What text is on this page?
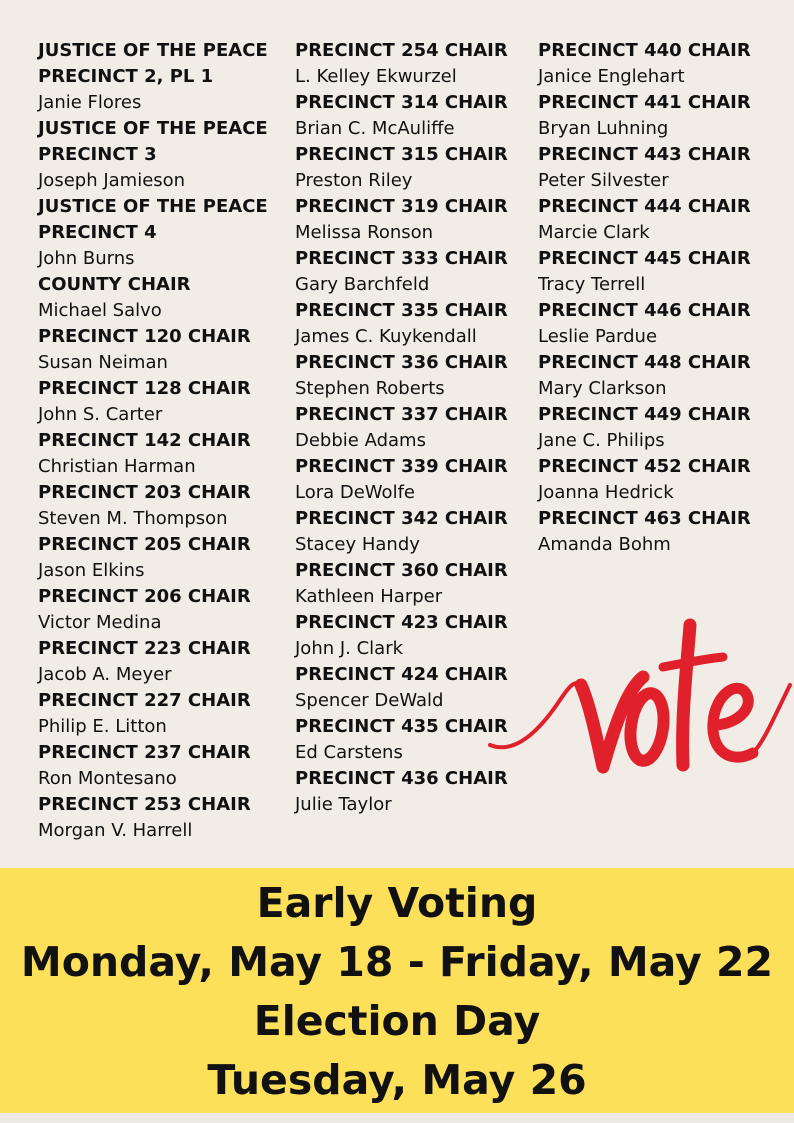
JUSTICE OF THE PEACE
PRECINCT 2, PL 1
Janie Flores
JUSTICE OF THE PEACE
PRECINCT 3
Joseph Jamieson
JUSTICE OF THE PEACE
PRECINCT 4
John Burns
COUNTY CHAIR
Michael Salvo
PRECINCT 120 CHAIR
Susan Neiman
PRECINCT 128 CHAIR
John S. Carter
PRECINCT 142 CHAIR
Christian Harman
PRECINCT 203 CHAIR
Steven M. Thompson
PRECINCT 205 CHAIR
Jason Elkins
PRECINCT 206 CHAIR
Victor Medina
PRECINCT 223 CHAIR
Jacob A. Meyer
PRECINCT 227 CHAIR
Philip E. Litton
PRECINCT 237 CHAIR
Ron Montesano
PRECINCT 253 CHAIR
Morgan V. Harrell
PRECINCT 254 CHAIR
L. Kelley Ekwurzel
PRECINCT 314 CHAIR
Brian C. McAuliffe
PRECINCT 315 CHAIR
Preston Riley
PRECINCT 319 CHAIR
Melissa Ronson
PRECINCT 333 CHAIR
Gary Barchfeld
PRECINCT 335 CHAIR
James C. Kuykendall
PRECINCT 336 CHAIR
Stephen Roberts
PRECINCT 337 CHAIR
Debbie Adams
PRECINCT 339 CHAIR
Lora DeWolfe
PRECINCT 342 CHAIR
Stacey Handy
PRECINCT 360 CHAIR
Kathleen Harper
PRECINCT 423 CHAIR
John J. Clark
PRECINCT 424 CHAIR
Spencer DeWald
PRECINCT 435 CHAIR
Ed Carstens
PRECINCT 436 CHAIR
Julie Taylor
PRECINCT 440 CHAIR
Janice Englehart
PRECINCT 441 CHAIR
Bryan Luhning
PRECINCT 443 CHAIR
Peter Silvester
PRECINCT 444 CHAIR
Marcie Clark
PRECINCT 445 CHAIR
Tracy Terrell
PRECINCT 446 CHAIR
Leslie Pardue
PRECINCT 448 CHAIR
Mary Clarkson
PRECINCT 449 CHAIR
Jane C. Philips
PRECINCT 452 CHAIR
Joanna Hedrick
PRECINCT 463 CHAIR
Amanda Bohm
Early Voting
Monday, May 18 - Friday, May 22
Election Day
Tuesday, May 26
